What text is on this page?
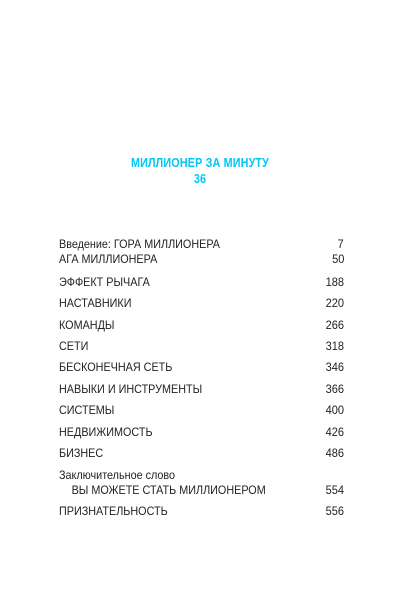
МИЛЛИОНЕР ЗА МИНУТУ
36
Введение: ГОРА МИЛЛИОНЕРА	7
АГА МИЛЛИОНЕРА	50
ЭФФЕКТ РЫЧАГА	188
НАСТАВНИКИ	220
КОМАНДЫ	266
СЕТИ	318
БЕСКОНЕЧНАЯ СЕТЬ	346
НАВЫКИ И ИНСТРУМЕНТЫ	366
СИСТЕМЫ	400
НЕДВИЖИМОСТЬ	426
БИЗНЕС	486
Заключительное слово
ВЫ МОЖЕТЕ СТАТЬ МИЛЛИОНЕРОМ	554
ПРИЗНАТЕЛЬНОСТЬ	556
